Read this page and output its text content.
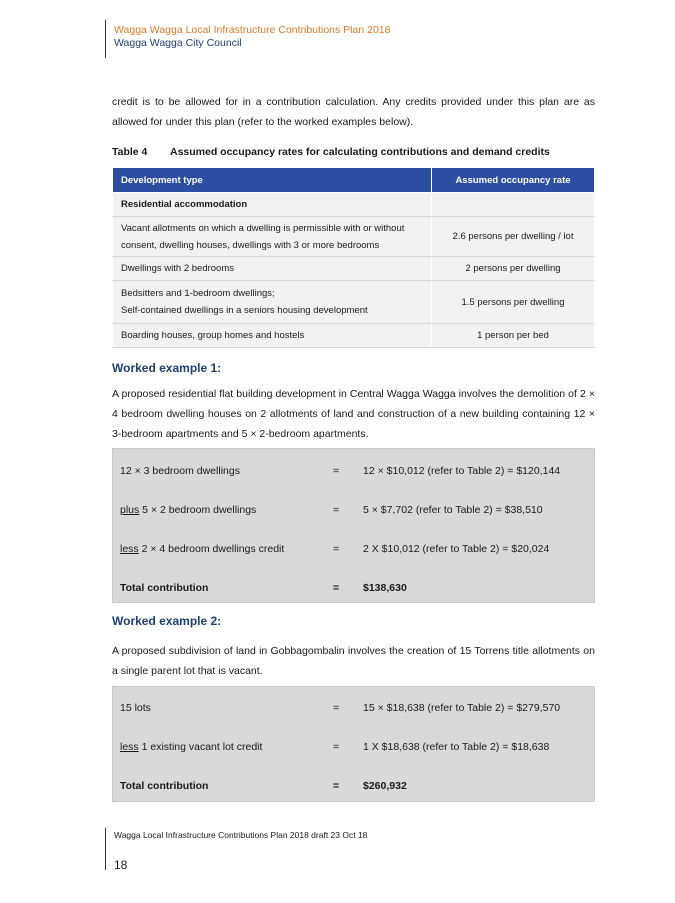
Wagga Wagga Local Infrastructure Contributions Plan 2018
Wagga Wagga City Council
credit is to be allowed for in a contribution calculation. Any credits provided under this plan are as allowed for under this plan (refer to the worked examples below).
Table 4 Assumed occupancy rates for calculating contributions and demand credits
Development type	Assumed occupancy rate
Residential accommodation	
Vacant allotments on which a dwelling is permissible with or without
consent, dwelling houses, dwellings with 3 or more bedrooms	2.6 persons per dwelling / lot
Dwellings with 2 bedrooms	2 persons per dwelling
Bedsitters and 1-bedroom dwellings;
Self-contained dwellings in a seniors housing development	1.5 persons per dwelling
Boarding houses, group homes and hostels	1 person per bed
Worked example 1:
A proposed residential flat building development in Central Wagga Wagga involves the demolition of 2 × 4 bedroom dwelling houses on 2 allotments of land and construction of a new building containing 12 × 3-bedroom apartments and 5 × 2-bedroom apartments.
12 × 3 bedroom dwellings	= 12 × $10,012 (refer to Table 2) = $120,144
plus 5 × 2 bedroom dwellings	= 5 × $7,702 (refer to Table 2) = $38,510
less 2 × 4 bedroom dwellings credit	= 2 X $10,012 (refer to Table 2) = $20,024
Total contribution	= $138,630
Worked example 2:
A proposed subdivision of land in Gobbagombalin involves the creation of 15 Torrens title allotments on a single parent lot that is vacant.
15 lots	= 15 × $18,638 (refer to Table 2) = $279,570
less 1 existing vacant lot credit	= 1 X $18,638 (refer to Table 2) = $18,638
Total contribution	= $260,932
Wagga Local Infrastructure Contributions Plan 2018 draft 23 Oct 18
18
